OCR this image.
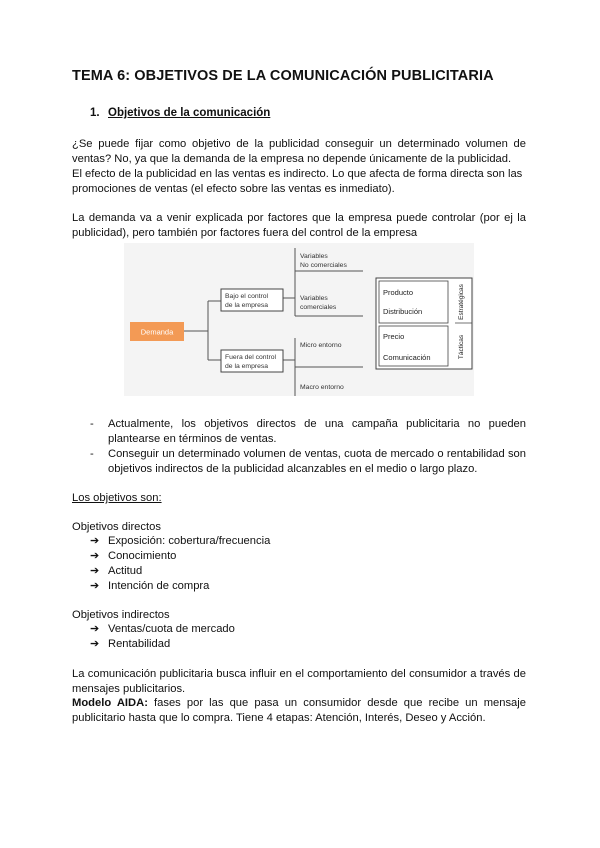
TEMA 6: OBJETIVOS DE LA COMUNICACIÓN PUBLICITARIA
1. Objetivos de la comunicación
¿Se puede fijar como objetivo de la publicidad conseguir un determinado volumen de ventas? No, ya que la demanda de la empresa no depende únicamente de la publicidad.
El efecto de la publicidad en las ventas es indirecto. Lo que afecta de forma directa son las promociones de ventas (el efecto sobre las ventas es inmediato).
La demanda va a venir explicada por factores que la empresa puede controlar (por ej la publicidad), pero también por factores fuera del control de la empresa
Demanda
Bajo el control de la empresa
Fuera del control de la empresa
Variables No comerciales
Variables comerciales
Micro entorno
Macro entorno
Producto
Distribución
Precio
Comunicación
Estratégicas
Tácticas
- Actualmente, los objetivos directos de una campaña publicitaria no pueden plantearse en términos de ventas.
- Conseguir un determinado volumen de ventas, cuota de mercado o rentabilidad son objetivos indirectos de la publicidad alcanzables en el medio o largo plazo.
Los objetivos son:
Objetivos directos
➔ Exposición: cobertura/frecuencia
➔ Conocimiento
➔ Actitud
➔ Intención de compra
Objetivos indirectos
➔ Ventas/cuota de mercado
➔ Rentabilidad
La comunicación publicitaria busca influir en el comportamiento del consumidor a través de mensajes publicitarios.
Modelo AIDA: fases por las que pasa un consumidor desde que recibe un mensaje publicitario hasta que lo compra. Tiene 4 etapas: Atención, Interés, Deseo y Acción.
